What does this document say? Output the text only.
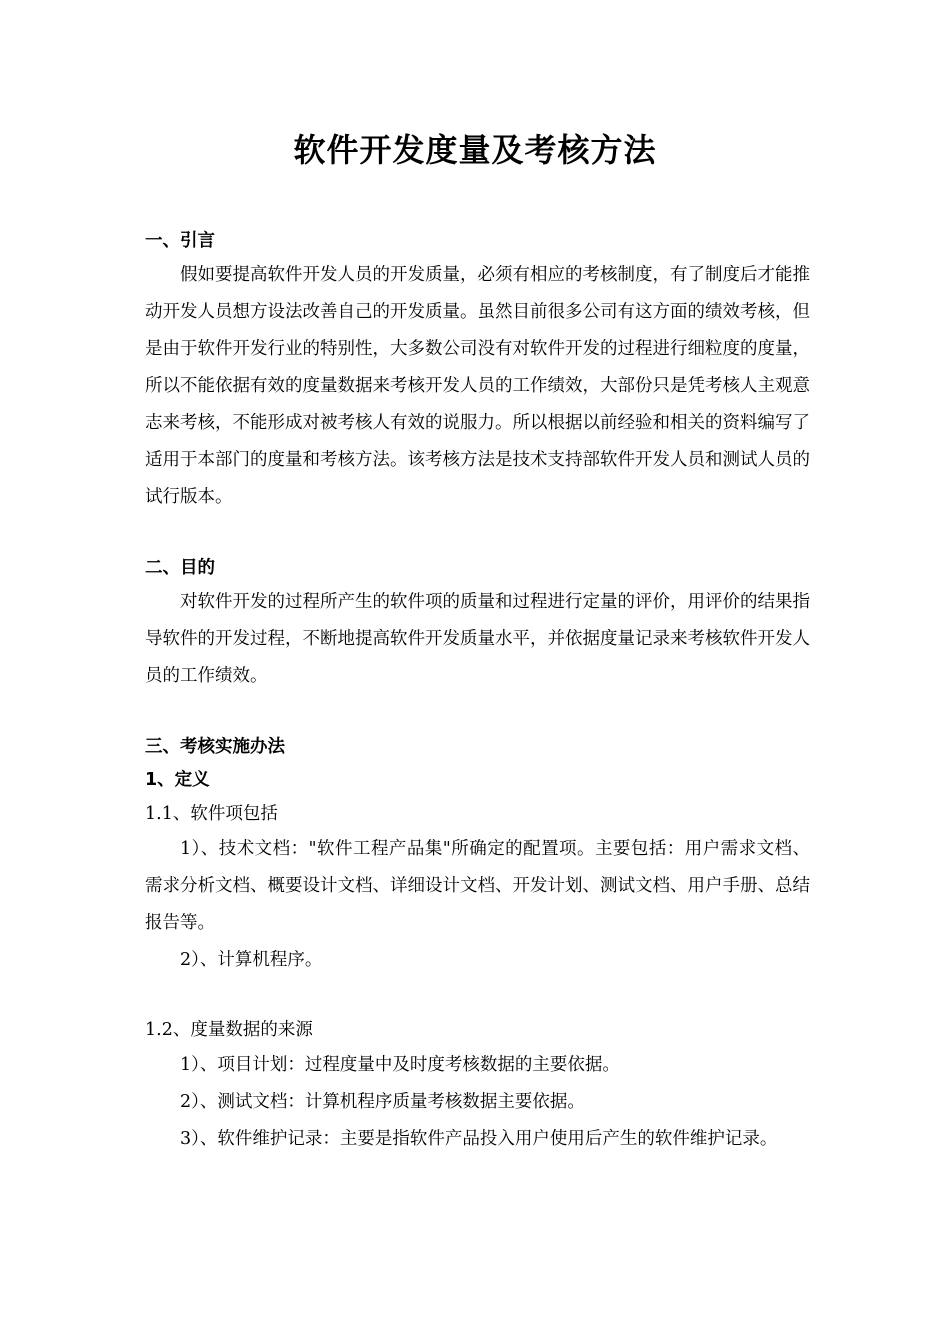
软件开发度量及考核方法
一、引言

假如要提高软件开发人员的开发质量，必须有相应的考核制度，有了制度后才能推动开发人员想方设法改善自己的开发质量。虽然目前很多公司有这方面的绩效考核，但是由于软件开发行业的特别性，大多数公司没有对软件开发的过程进行细粒度的度量，所以不能依据有效的度量数据来考核开发人员的工作绩效，大部份只是凭考核人主观意志来考核，不能形成对被考核人有效的说服力。所以根据以前经验和相关的资料编写了适用于本部门的度量和考核方法。该考核方法是技术支持部软件开发人员和测试人员的试行版本。

二、目的

对软件开发的过程所产生的软件项的质量和过程进行定量的评价，用评价的结果指导软件的开发过程，不断地提高软件开发质量水平，并依据度量记录来考核软件开发人员的工作绩效。

三、考核实施办法
1、定义
1.1、软件项包括

1）、技术文档："软件工程产品集"所确定的配置项。主要包括：用户需求文档、需求分析文档、概要设计文档、详细设计文档、开发计划、测试文档、用户手册、总结报告等。

2）、计算机程序。

1.2、度量数据的来源

1）、项目计划：过程度量中及时度考核数据的主要依据。

2）、测试文档：计算机程序质量考核数据主要依据。

3）、软件维护记录：主要是指软件产品投入用户使用后产生的软件维护记录。
